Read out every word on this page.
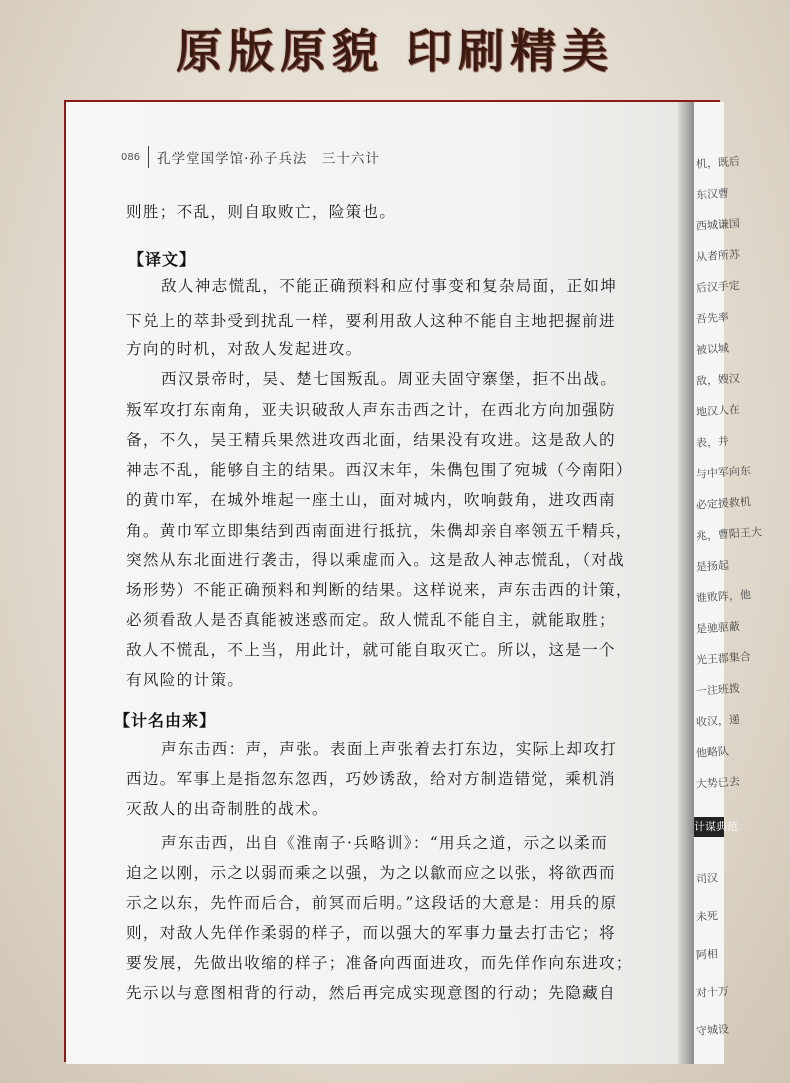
原版原貌 印刷精美
086 孔学堂国学馆·孙子兵法　三十六计
则胜；不乱，则自取败亡，险策也。
【译文】
敌人神志慌乱，不能正确预料和应付事变和复杂局面，正如坤
下兑上的萃卦受到扰乱一样，要利用敌人这种不能自主地把握前进
方向的时机，对敌人发起进攻。
西汉景帝时，吴、楚七国叛乱。周亚夫固守寨堡，拒不出战。
叛军攻打东南角，亚夫识破敌人声东击西之计，在西北方向加强防
备，不久，吴王精兵果然进攻西北面，结果没有攻进。这是敌人的
神志不乱，能够自主的结果。西汉末年，朱儁包围了宛城（今南阳）
的黄巾军，在城外堆起一座土山，面对城内，吹响鼓角，进攻西南
角。黄巾军立即集结到西南面进行抵抗，朱儁却亲自率领五千精兵，
突然从东北面进行袭击，得以乘虚而入。这是敌人神志慌乱，（对战
场形势）不能正确预料和判断的结果。这样说来，声东击西的计策，
必须看敌人是否真能被迷惑而定。敌人慌乱不能自主，就能取胜；
敌人不慌乱，不上当，用此计，就可能自取灭亡。所以，这是一个
有风险的计策。
【计名由来】
声东击西：声，声张。表面上声张着去打东边，实际上却攻打
西边。军事上是指忽东忽西，巧妙诱敌，给对方制造错觉，乘机消
灭敌人的出奇制胜的战术。
声东击西，出自《淮南子·兵略训》：“用兵之道，示之以柔而
迫之以刚，示之以弱而乘之以强，为之以歙而应之以张，将欲西而
示之以东，先忤而后合，前冥而后明。”这段话的大意是：用兵的原
则，对敌人先佯作柔弱的样子，而以强大的军事力量去打击它；将
要发展，先做出收缩的样子；准备向西面进攻，而先佯作向东进攻；
先示以与意图相背的行动，然后再完成实现意图的行动；先隐藏自
机，既后
东汉曹
西城谦国
从者所苏
后汉手定
吾先率
被以城
敌，嫂汉
地汉人在
表，并
与中军向东
必定援救机
兆，曹阳王大
是扬起
谁败阵，他
是驰驱蔽
光王郡集合
一注班拨
收汉，递
他略队
大势已去
计谋典范
司汉
未死
阿相
对十万
守城设
